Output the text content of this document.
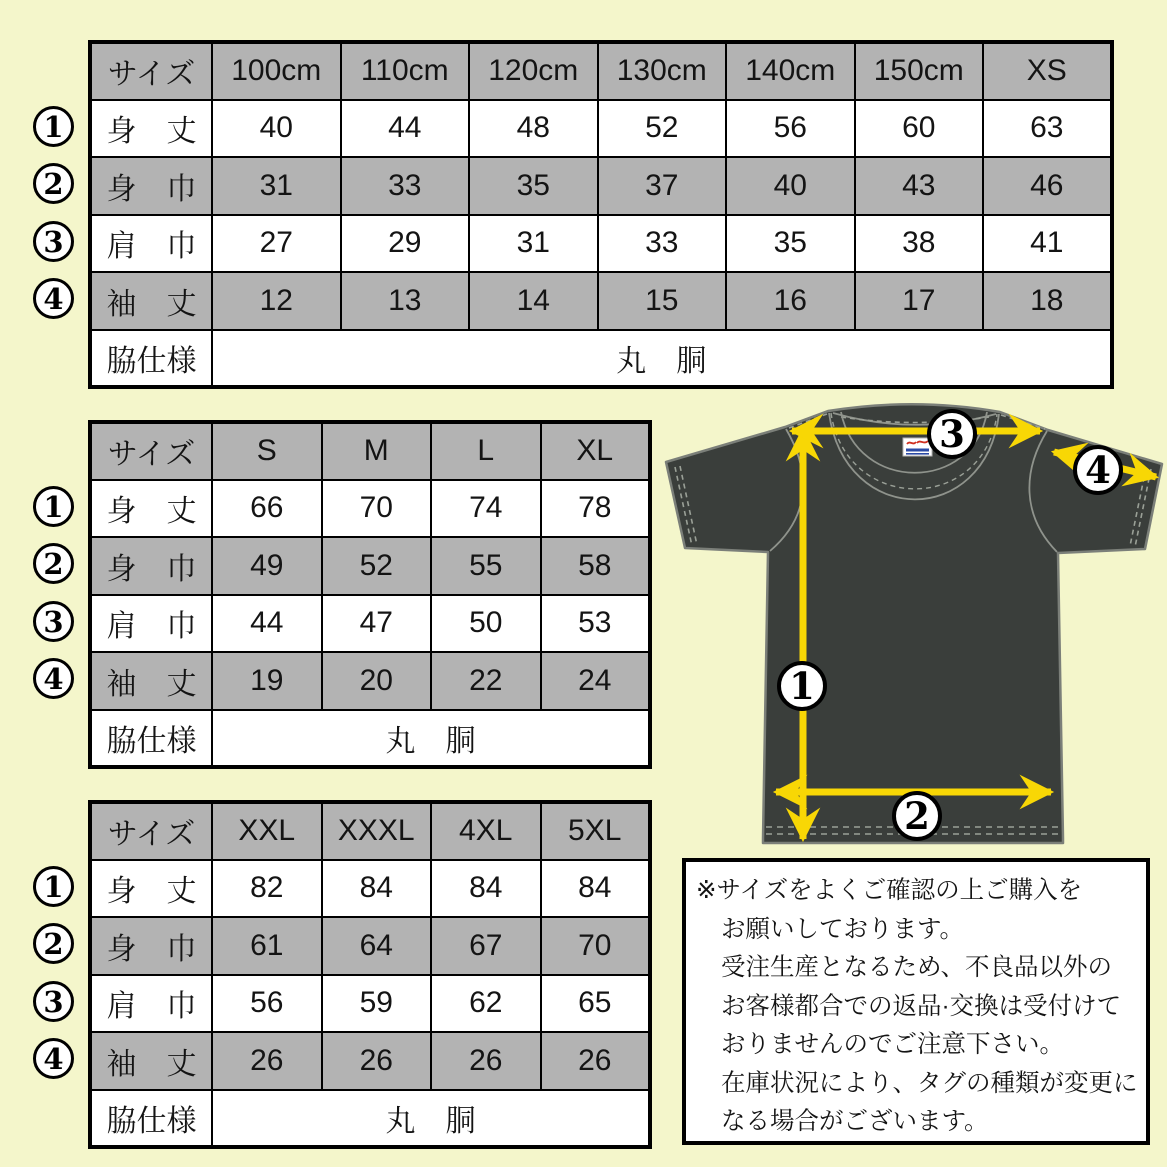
サイズ	100cm	110cm	120cm	130cm	140cm	150cm	XS
身　丈	40	44	48	52	56	60	63
身　巾	31	33	35	37	40	43	46
肩　巾	27	29	31	33	35	38	41
袖　丈	12	13	14	15	16	17	18
脇仕様	丸　胴						
サイズ	S	M	L	XL
身　丈	66	70	74	78
身　巾	49	52	55	58
肩　巾	44	47	50	53
袖　丈	19	20	22	24
脇仕様	丸　胴			
サイズ	XXL	XXXL	4XL	5XL
身　丈	82	84	84	84
身　巾	61	64	67	70
肩　巾	56	59	62	65
袖　丈	26	26	26	26
脇仕様	丸　胴			
1
2
3
4
1
2
3
4
1
2
3
4
3
4
1
2
※サイズをよくご確認の上ご購入を
お願いしております。
受注生産となるため、不良品以外の
お客様都合での返品·交換は受付けて
おりませんのでご注意下さい。
在庫状況により、タグの種類が変更に
なる場合がございます。
